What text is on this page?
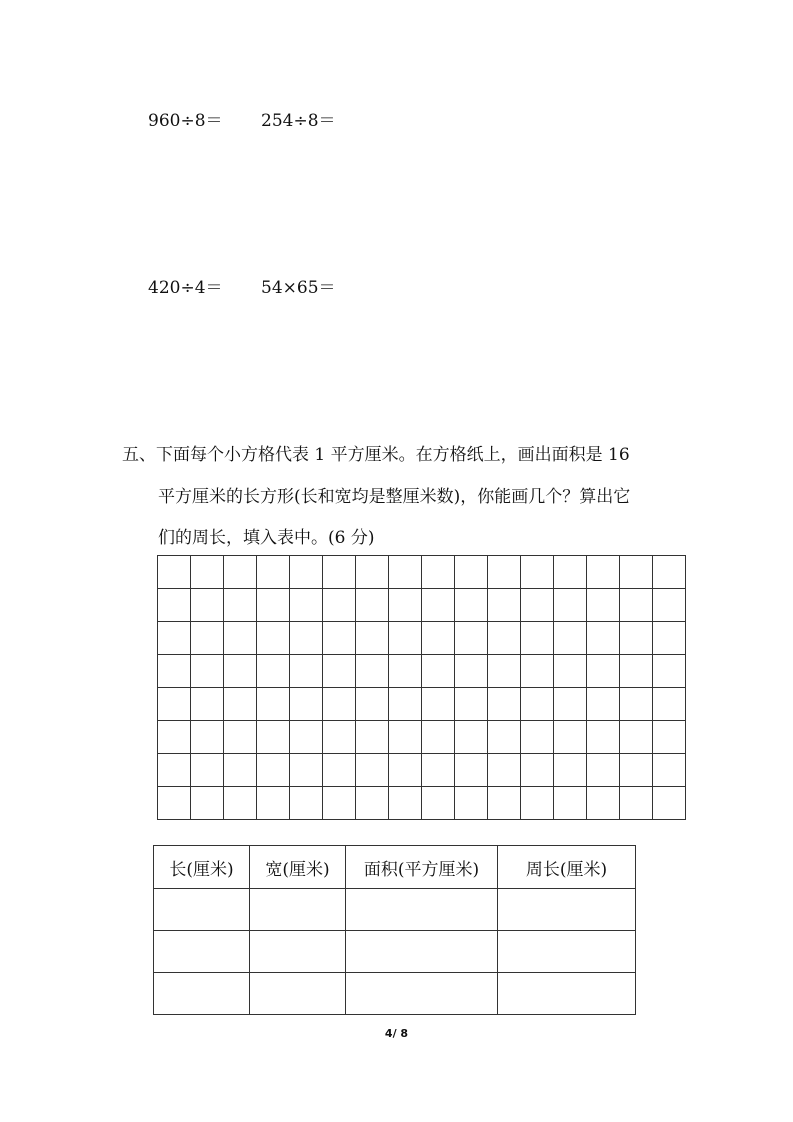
960÷8＝ 254÷8＝
420÷4＝ 54×65＝
五、下面每个小方格代表 1 平方厘米。在方格纸上，画出面积是 16
平方厘米的长方形(长和宽均是整厘米数)，你能画几个？算出它
们的周长，填入表中。(6 分)

长(厘米)	宽(厘米)	面积(平方厘米)	周长(厘米)

4/ 8
